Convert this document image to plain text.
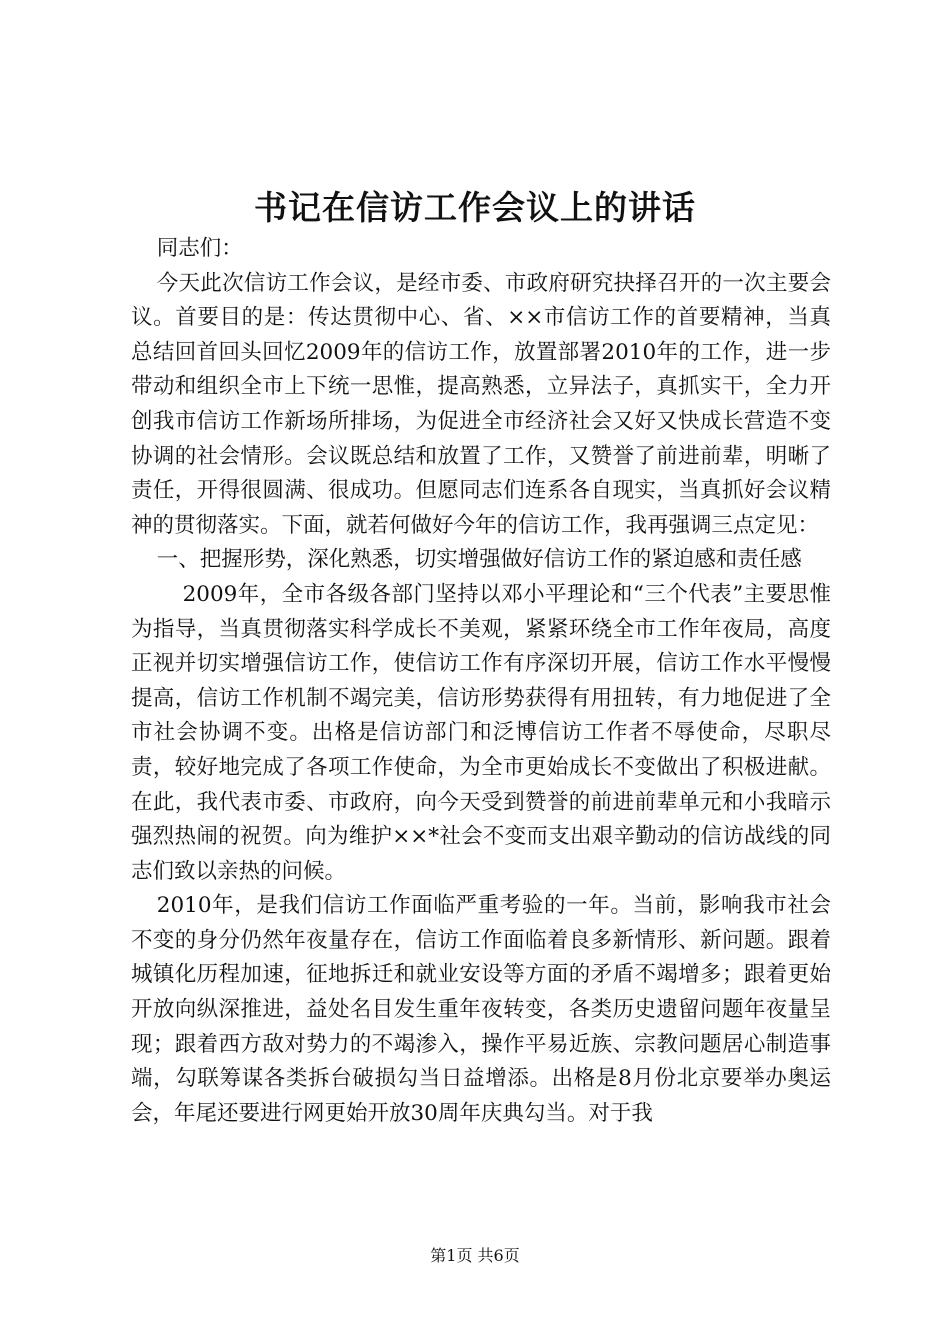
书记在信访工作会议上的讲话

同志们：

今天此次信访工作会议，是经市委、市政府研究抉择召开的一次主要会议。首要目的是：传达贯彻中心、省、××市信访工作的首要精神，当真总结回首回头回忆2009年的信访工作，放置部署2010年的工作，进一步带动和组织全市上下统一思惟，提高熟悉，立异法子，真抓实干，全力开创我市信访工作新场所排场，为促进全市经济社会又好又快成长营造不变协调的社会情形。会议既总结和放置了工作，又赞誉了前进前辈，明晰了责任，开得很圆满、很成功。但愿同志们连系各自现实，当真抓好会议精神的贯彻落实。下面，就若何做好今年的信访工作，我再强调三点定见：

一、把握形势，深化熟悉，切实增强做好信访工作的紧迫感和责任感

2009年，全市各级各部门坚持以邓小平理论和“三个代表”主要思惟为指导，当真贯彻落实科学成长不美观，紧紧环绕全市工作年夜局，高度正视并切实增强信访工作，使信访工作有序深切开展，信访工作水平慢慢提高，信访工作机制不竭完美，信访形势获得有用扭转，有力地促进了全市社会协调不变。出格是信访部门和泛博信访工作者不辱使命，尽职尽责，较好地完成了各项工作使命，为全市更始成长不变做出了积极进献。在此，我代表市委、市政府，向今天受到赞誉的前进前辈单元和小我暗示强烈热闹的祝贺。向为维护××*社会不变而支出艰辛勤动的信访战线的同志们致以亲热的问候。

2010年，是我们信访工作面临严重考验的一年。当前，影响我市社会不变的身分仍然年夜量存在，信访工作面临着良多新情形、新问题。跟着城镇化历程加速，征地拆迁和就业安设等方面的矛盾不竭增多；跟着更始开放向纵深推进，益处名目发生重年夜转变，各类历史遗留问题年夜量呈现；跟着西方敌对势力的不竭渗入，操作平易近族、宗教问题居心制造事端，勾联筹谋各类拆台破损勾当日益增添。出格是8月份北京要举办奥运会，年尾还要进行网更始开放30周年庆典勾当。对于我

第1页 共6页
